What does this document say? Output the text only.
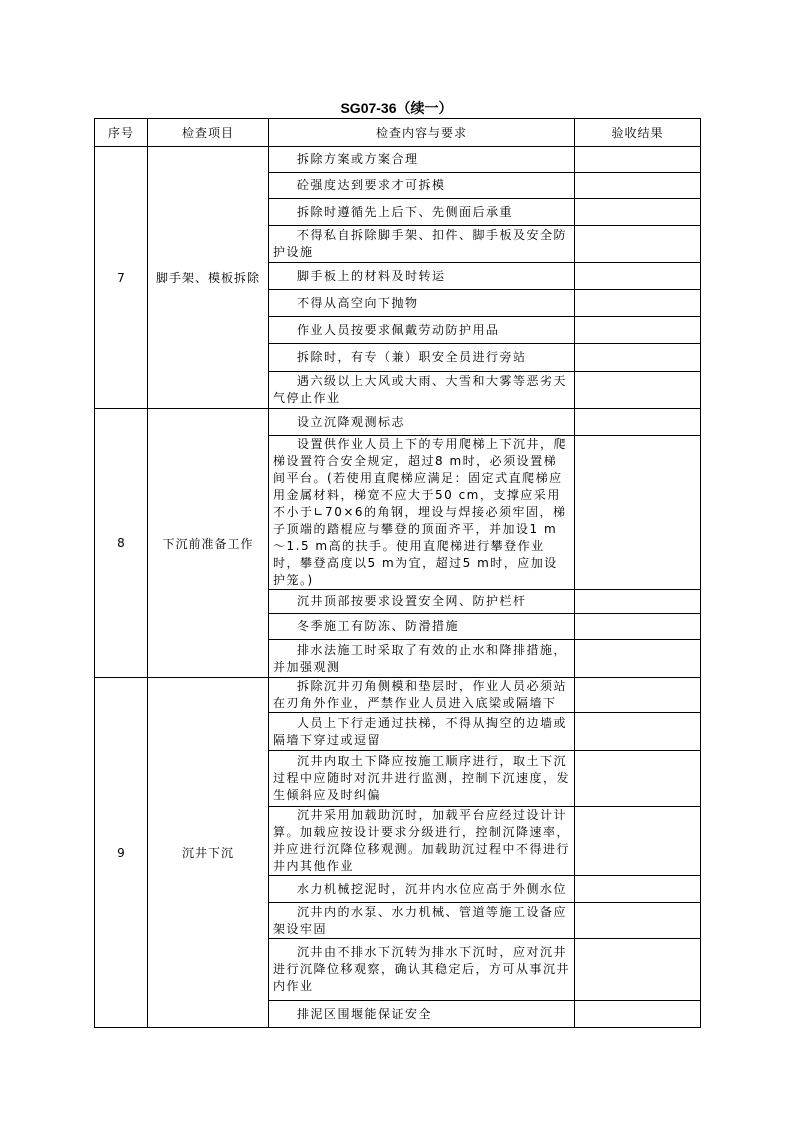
SG07-36（续一）
序号	检查项目	检查内容与要求	验收结果
7	脚手架、模板拆除	拆除方案或方案合理	
		砼强度达到要求才可拆模	
		拆除时遵循先上后下、先侧面后承重	
		不得私自拆除脚手架、扣件、脚手板及安全防护设施	
		脚手板上的材料及时转运	
		不得从高空向下抛物	
		作业人员按要求佩戴劳动防护用品	
		拆除时，有专（兼）职安全员进行旁站	
		遇六级以上大风或大雨、大雪和大雾等恶劣天气停止作业	
8	下沉前准备工作	设立沉降观测标志	
		设置供作业人员上下的专用爬梯上下沉井，爬梯设置符合安全规定，超过8 m时，必须设置梯间平台。(若使用直爬梯应满足：固定式直爬梯应用金属材料，梯宽不应大于50 cm，支撑应采用不小于∟70×6的角钢，埋设与焊接必须牢固，梯子顶端的踏棍应与攀登的顶面齐平，并加设1 m～1.5 m高的扶手。使用直爬梯进行攀登作业时，攀登高度以5 m为宜，超过5 m时，应加设护笼。)	
		沉井顶部按要求设置安全网、防护栏杆	
		冬季施工有防冻、防滑措施	
		排水法施工时采取了有效的止水和降排措施，并加强观测	
9	沉井下沉	拆除沉井刃角侧模和垫层时，作业人员必须站在刃角外作业，严禁作业人员进入底梁或隔墙下	
		人员上下行走通过扶梯，不得从掏空的边墙或隔墙下穿过或逗留	
		沉井内取土下降应按施工顺序进行，取土下沉过程中应随时对沉井进行监测，控制下沉速度，发生倾斜应及时纠偏	
		沉井采用加载助沉时，加载平台应经过设计计算。加载应按设计要求分级进行，控制沉降速率，并应进行沉降位移观测。加载助沉过程中不得进行井内其他作业	
		水力机械挖泥时，沉井内水位应高于外侧水位	
		沉井内的水泵、水力机械、管道等施工设备应架设牢固	
		沉井由不排水下沉转为排水下沉时，应对沉井进行沉降位移观察，确认其稳定后，方可从事沉井内作业	
		排泥区围堰能保证安全	
